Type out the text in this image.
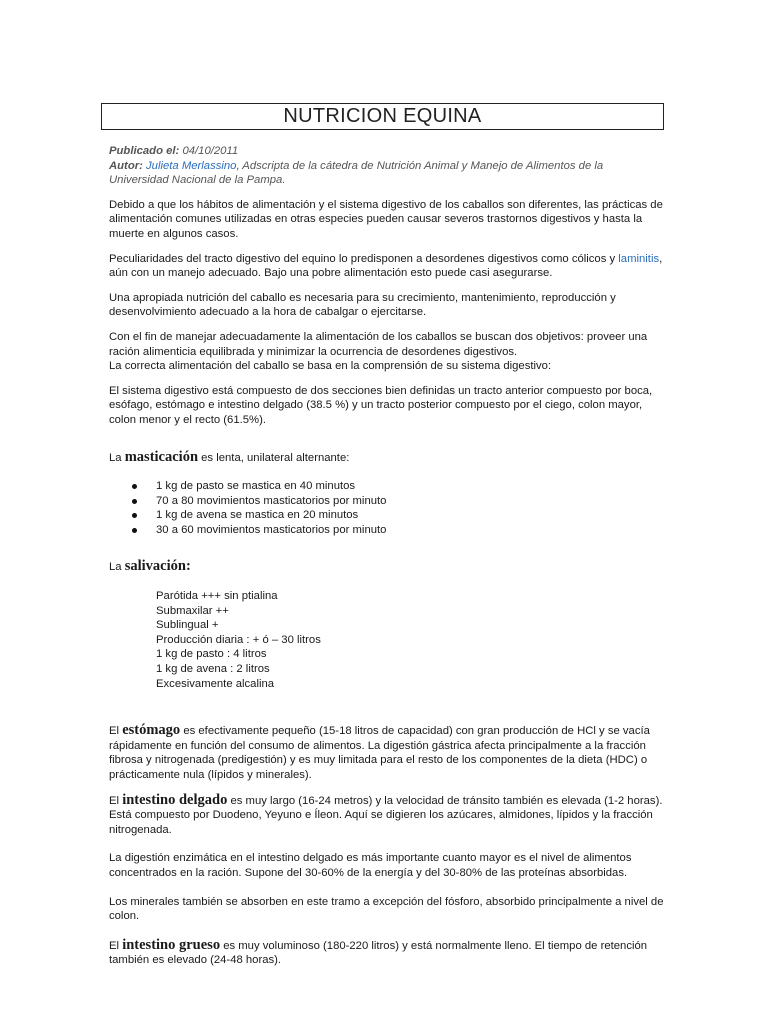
NUTRICION EQUINA

Publicado el: 04/10/2011

Autor: Julieta Merlassino, Adscripta de la cátedra de Nutrición Animal y Manejo de Alimentos de la
Universidad Nacional de la Pampa.

Debido a que los hábitos de alimentación y el sistema digestivo de los caballos son diferentes, las prácticas de alimentación comunes utilizadas en otras especies pueden causar severos trastornos digestivos y hasta la muerte en algunos casos.

Peculiaridades del tracto digestivo del equino lo predisponen a desordenes digestivos como cólicos y laminitis, aún con un manejo adecuado. Bajo una pobre alimentación esto puede casi asegurarse.

Una apropiada nutrición del caballo es necesaria para su crecimiento, mantenimiento, reproducción y desenvolvimiento adecuado a la hora de cabalgar o ejercitarse.

Con el fin de manejar adecuadamente la alimentación de los caballos se buscan dos objetivos: proveer una ración alimenticia equilibrada y minimizar la ocurrencia de desordenes digestivos.

La correcta alimentación del caballo se basa en la comprensión de su sistema digestivo:

El sistema digestivo está compuesto de dos secciones bien definidas un tracto anterior compuesto por boca, esófago, estómago e intestino delgado (38.5 %) y un tracto posterior compuesto por el ciego, colon mayor, colon menor y el recto (61.5%).

La masticación es lenta, unilateral alternante:

1 kg de pasto se mastica en 40 minutos
70 a 80 movimientos masticatorios por minuto
1 kg de avena se mastica en 20 minutos
30 a 60 movimientos masticatorios por minuto

La salivación:

Parótida +++ sin ptialina

Submaxilar ++

Sublingual +

Producción diaria : + ó – 30 litros

1 kg de pasto : 4 litros

1 kg de avena : 2 litros

Excesivamente alcalina

El estómago es efectivamente pequeño (15-18 litros de capacidad) con gran producción de HCl y se vacía rápidamente en función del consumo de alimentos. La digestión gástrica afecta principalmente a la fracción fibrosa y nitrogenada (predigestión) y es muy limitada para el resto de los componentes de la dieta (HDC) o prácticamente nula (lípidos y minerales).

El intestino delgado es muy largo (16-24 metros) y la velocidad de tránsito también es elevada (1-2 horas). Está compuesto por Duodeno, Yeyuno e Íleon. Aquí se digieren los azúcares, almidones, lípidos y la fracción nitrogenada.

La digestión enzimática en el intestino delgado es más importante cuanto mayor es el nivel de alimentos concentrados en la ración. Supone del 30-60% de la energía y del 30-80% de las proteínas absorbidas.

Los minerales también se absorben en este tramo a excepción del fósforo, absorbido principalmente a nivel de colon.

El intestino grueso es muy voluminoso (180-220 litros) y está normalmente lleno. El tiempo de retención también es elevado (24-48 horas).
